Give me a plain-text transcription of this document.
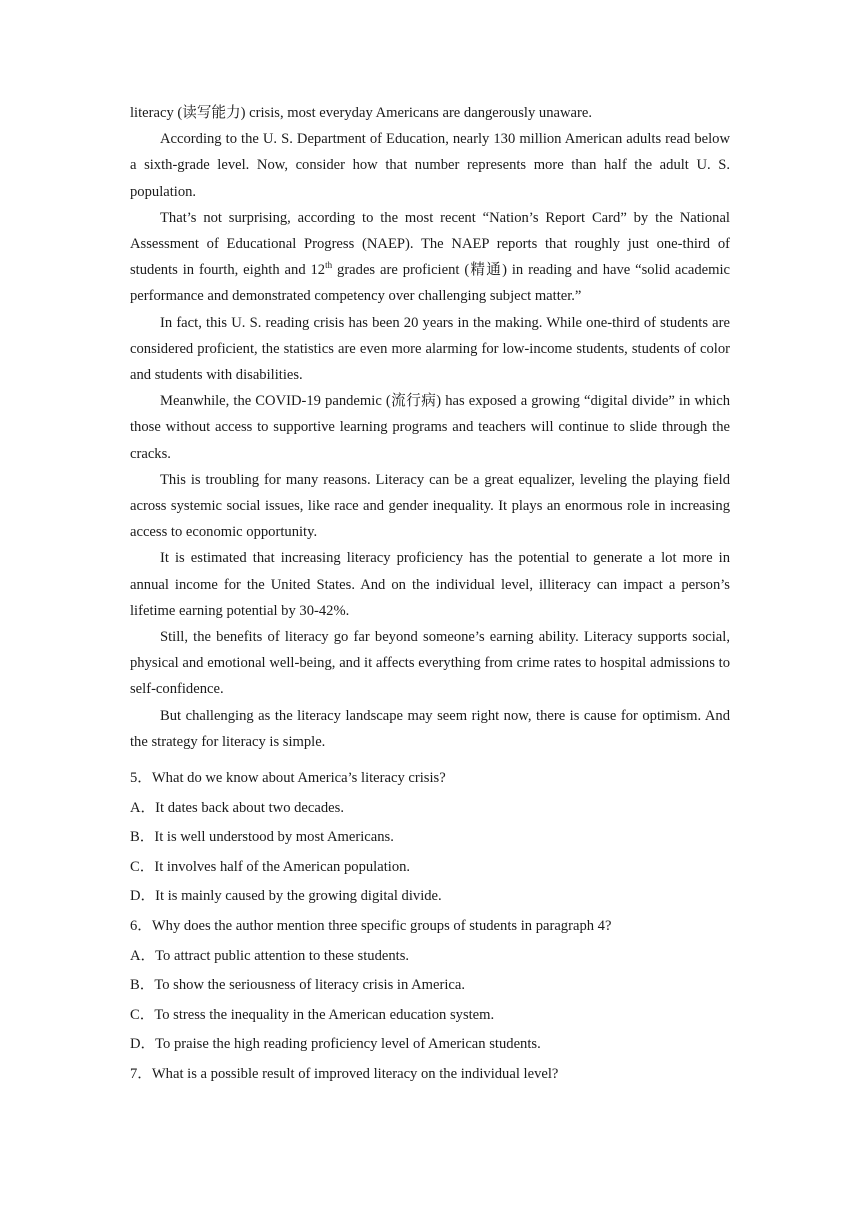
literacy (读写能力) crisis, most everyday Americans are dangerously unaware.

According to the U. S. Department of Education, nearly 130 million American adults read below a sixth-grade level. Now, consider how that number represents more than half the adult U. S. population.

That’s not surprising, according to the most recent “Nation’s Report Card” by the National Assessment of Educational Progress (NAEP). The NAEP reports that roughly just one-third of students in fourth, eighth and 12th grades are proficient (精通) in reading and have “solid academic performance and demonstrated competency over challenging subject matter.”

In fact, this U. S. reading crisis has been 20 years in the making. While one-third of students are considered proficient, the statistics are even more alarming for low-income students, students of color and students with disabilities.

Meanwhile, the COVID-19 pandemic (流行病) has exposed a growing “digital divide” in which those without access to supportive learning programs and teachers will continue to slide through the cracks.

This is troubling for many reasons. Literacy can be a great equalizer, leveling the playing field across systemic social issues, like race and gender inequality. It plays an enormous role in increasing access to economic opportunity.

It is estimated that increasing literacy proficiency has the potential to generate a lot more in annual income for the United States. And on the individual level, illiteracy can impact a person’s lifetime earning potential by 30-42%.

Still, the benefits of literacy go far beyond someone’s earning ability. Literacy supports social, physical and emotional well-being, and it affects everything from crime rates to hospital admissions to self-confidence.

But challenging as the literacy landscape may seem right now, there is cause for optimism. And the strategy for literacy is simple.

5．What do we know about America’s literacy crisis?

A．It dates back about two decades.

B．It is well understood by most Americans.

C．It involves half of the American population.

D．It is mainly caused by the growing digital divide.

6．Why does the author mention three specific groups of students in paragraph 4?

A．To attract public attention to these students.

B．To show the seriousness of literacy crisis in America.

C．To stress the inequality in the American education system.

D．To praise the high reading proficiency level of American students.

7．What is a possible result of improved literacy on the individual level?
